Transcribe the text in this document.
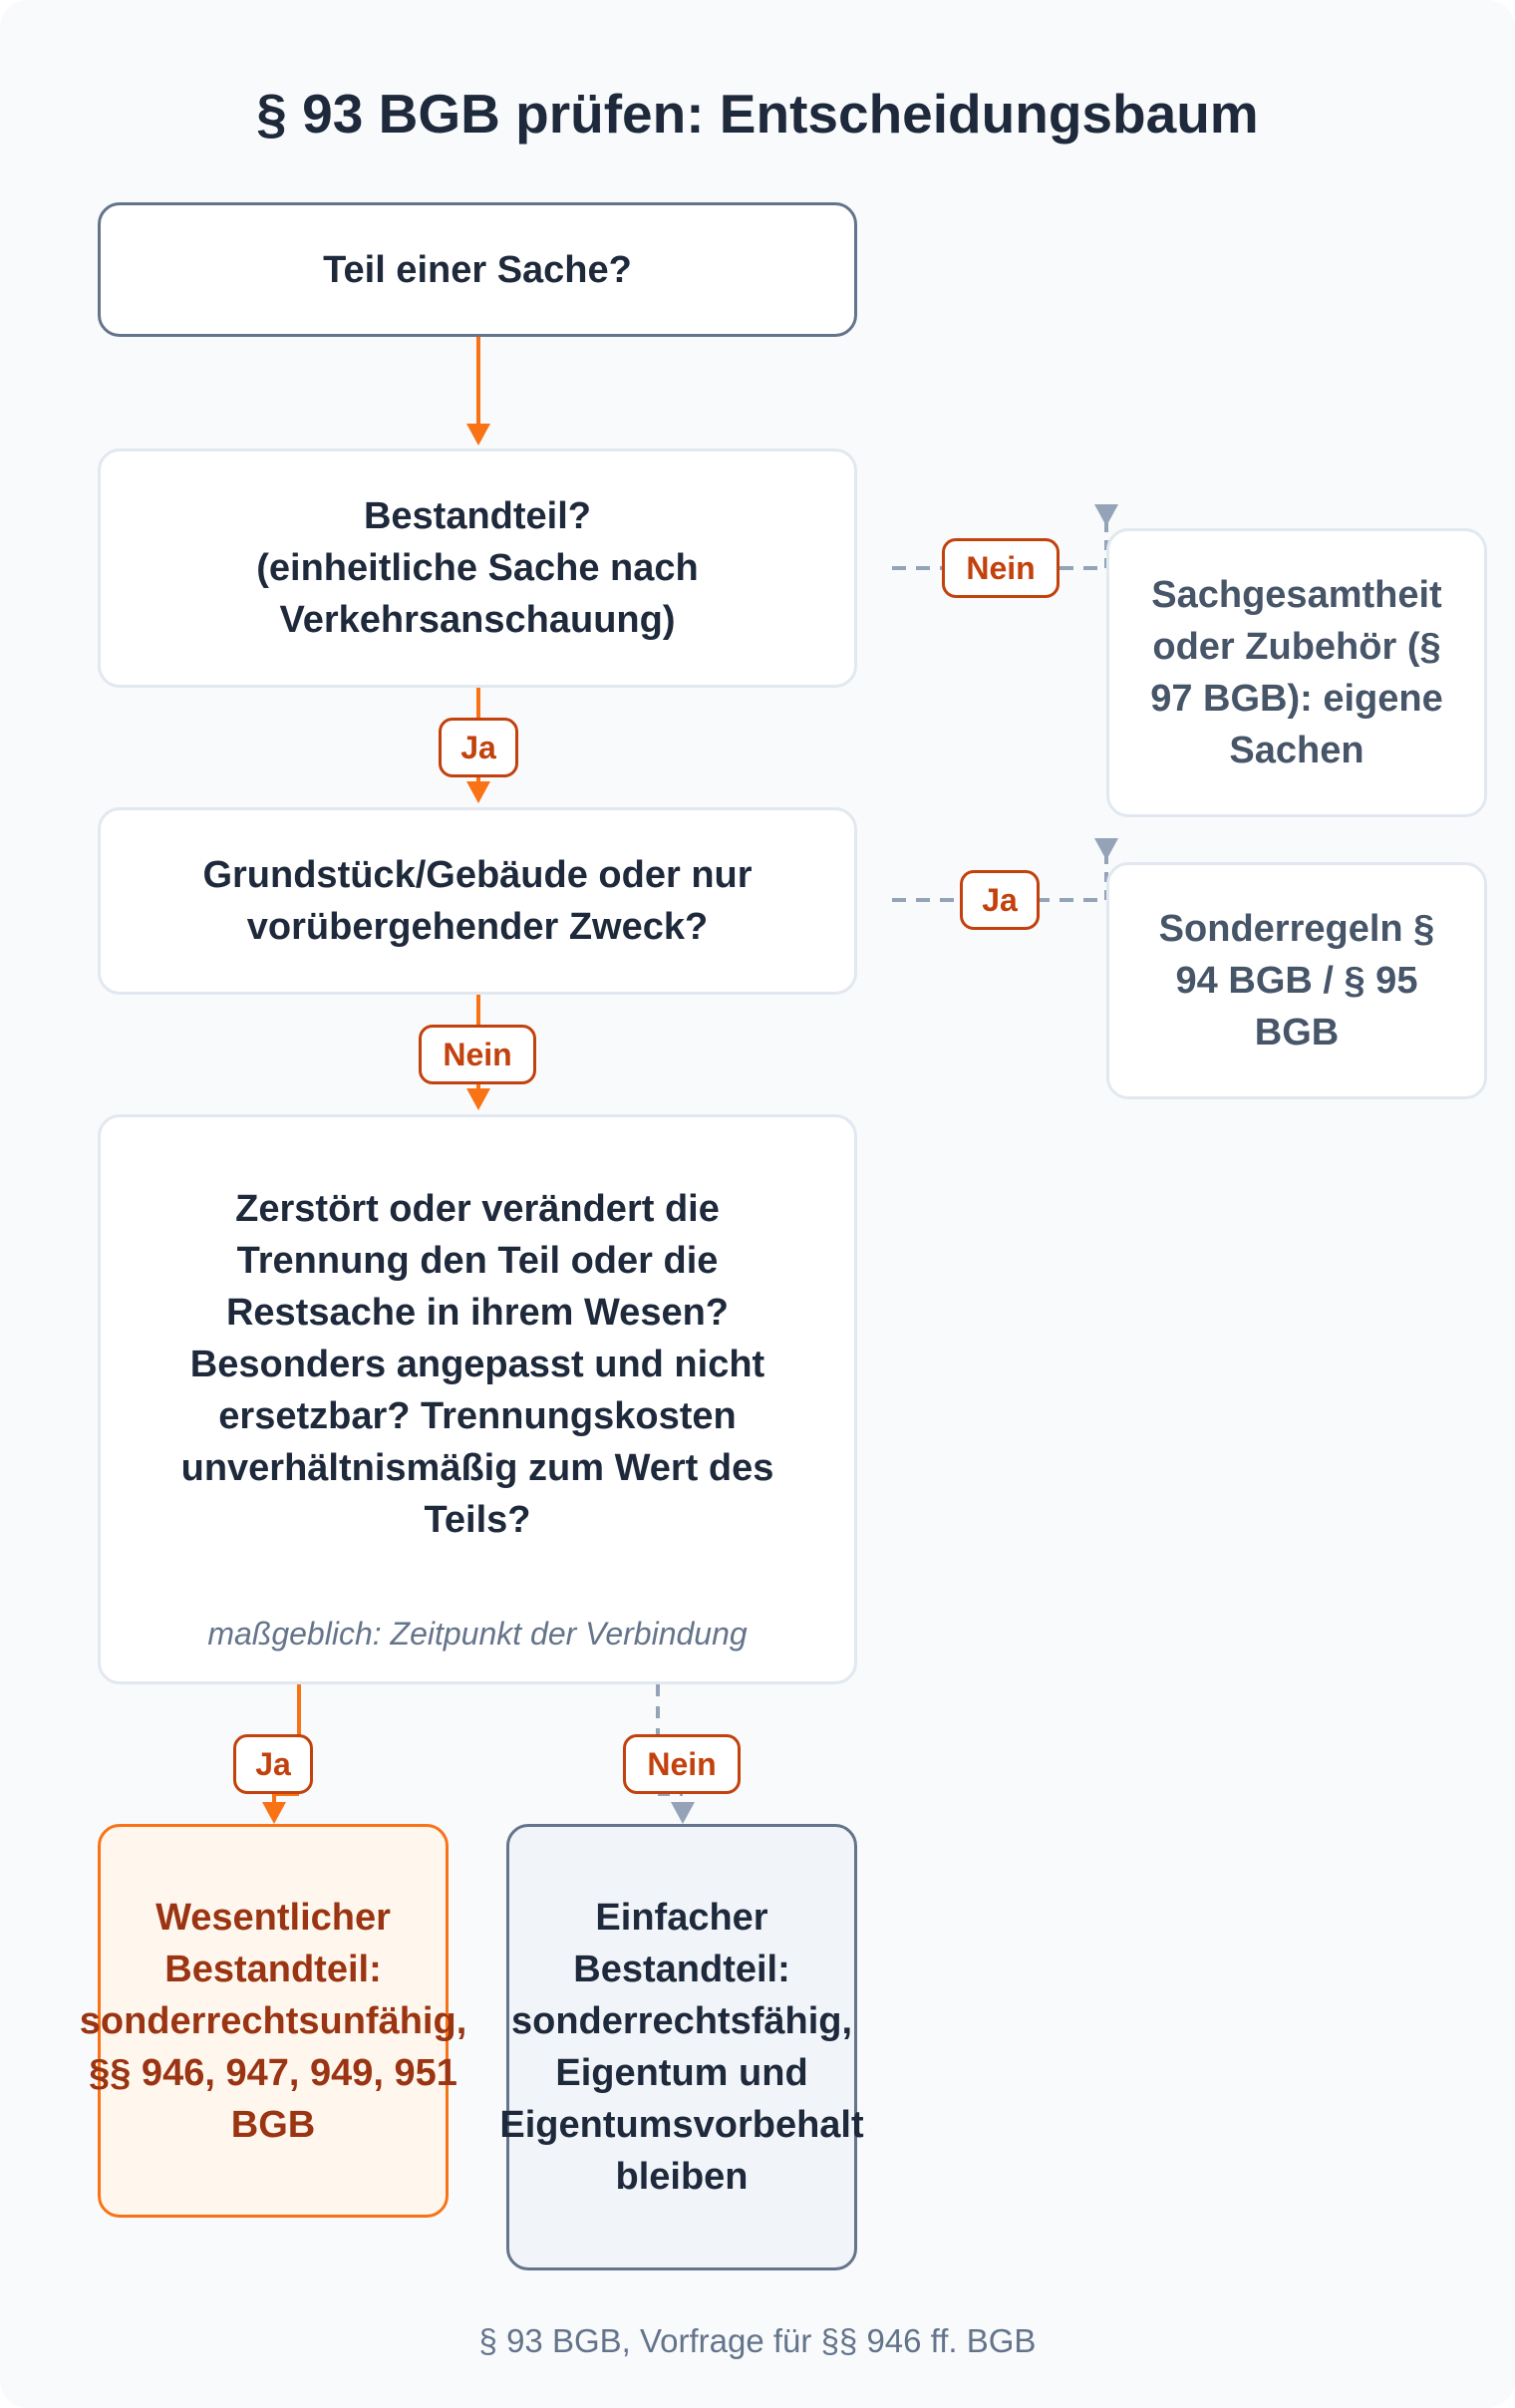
§ 93 BGB prüfen: Entscheidungsbaum
Teil einer Sache?
Bestandteil? (einheitliche Sache nach Verkehrsanschauung)
Grundstück/Gebäude oder nur vorübergehender Zweck?
Zerstört oder verändert die Trennung den Teil oder die Restsache in ihrem Wesen? Besonders angepasst und nicht ersetzbar? Trennungskosten unverhältnismäßig zum Wert des Teils?
maßgeblich: Zeitpunkt der Verbindung
Sachgesamtheit oder Zubehör (§ 97 BGB): eigene Sachen
Sonderregeln § 94 BGB / § 95 BGB
Wesentlicher Bestandteil: sonderrechtsunfähig, §§ 946, 947, 949, 951 BGB
Einfacher Bestandteil: sonderrechtsfähig, Eigentum und Eigentumsvorbehalt bleiben
Nein
Ja
Ja
Nein
Ja	Nein
§ 93 BGB, Vorfrage für §§ 946 ff. BGB
